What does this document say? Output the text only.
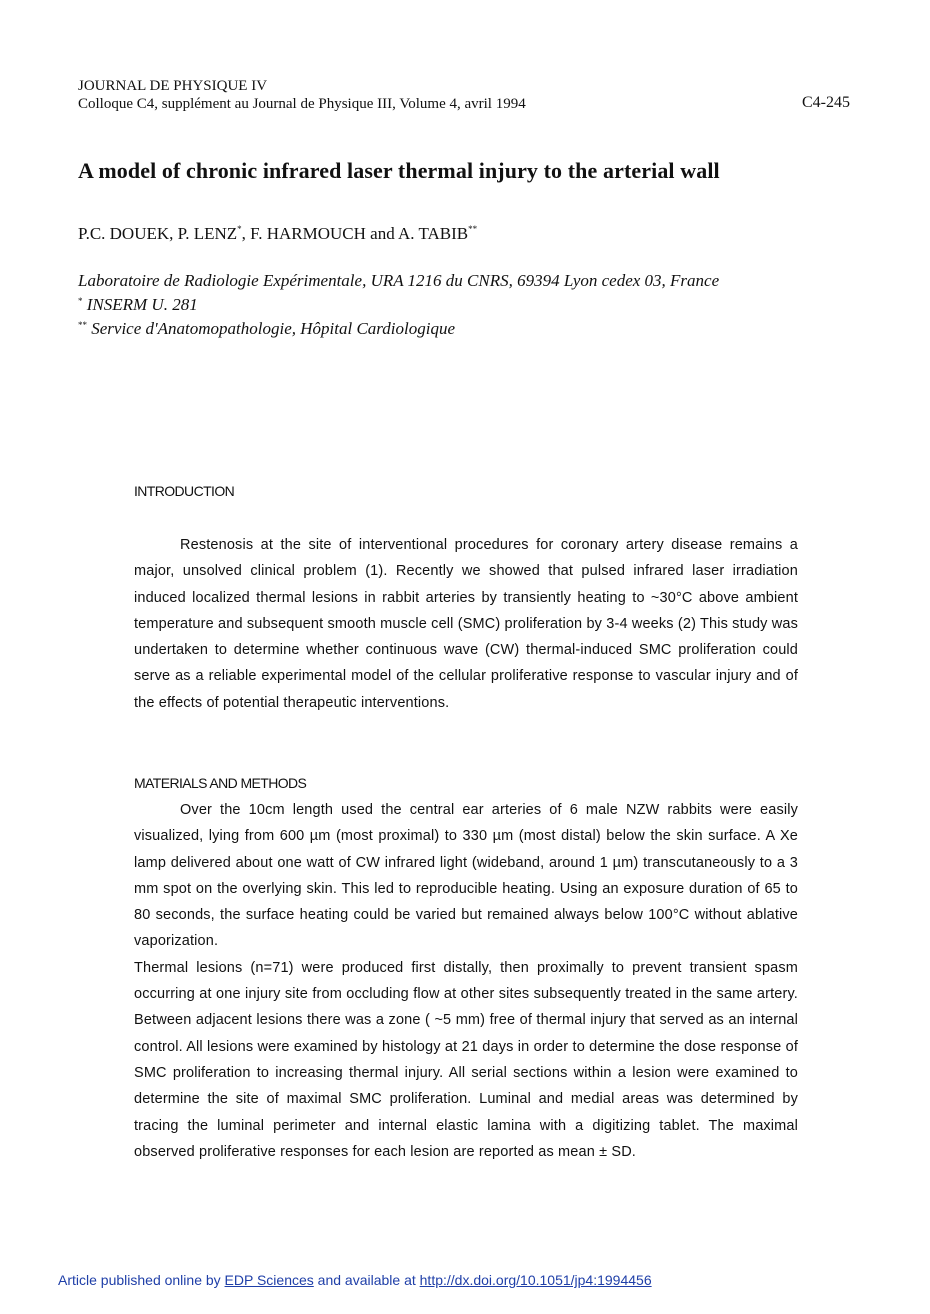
JOURNAL DE PHYSIQUE IV
Colloque C4, supplément au Journal de Physique III, Volume 4, avril 1994	C4-245
A model of chronic infrared laser thermal injury to the arterial wall
P.C. DOUEK, P. LENZ*, F. HARMOUCH and A. TABIB**
Laboratoire de Radiologie Expérimentale, URA 1216 du CNRS, 69394 Lyon cedex 03, France
* INSERM U. 281
** Service d'Anatomopathologie, Hôpital Cardiologique
INTRODUCTION

Restenosis at the site of interventional procedures for coronary artery disease remains a major, unsolved clinical problem (1). Recently we showed that pulsed infrared laser irradiation induced localized thermal lesions in rabbit arteries by transiently heating to ~30°C above ambient temperature and subsequent smooth muscle cell (SMC) proliferation by 3-4 weeks (2) This study was undertaken to determine whether continuous wave (CW) thermal-induced SMC proliferation could serve as a reliable experimental model of the cellular proliferative response to vascular injury and of the effects of potential therapeutic interventions.

MATERIALS AND METHODS

Over the 10cm length used the central ear arteries of 6 male NZW rabbits were easily visualized, lying from 600 µm (most proximal) to 330 µm (most distal) below the skin surface. A Xe lamp delivered about one watt of CW infrared light (wideband, around 1 µm) transcutaneously to a 3 mm spot on the overlying skin. This led to reproducible heating. Using an exposure duration of 65 to 80 seconds, the surface heating could be varied but remained always below 100°C without ablative vaporization.

Thermal lesions (n=71) were produced first distally, then proximally to prevent transient spasm occurring at one injury site from occluding flow at other sites subsequently treated in the same artery. Between adjacent lesions there was a zone ( ~5 mm) free of thermal injury that served as an internal control. All lesions were examined by histology at 21 days in order to determine the dose response of SMC proliferation to increasing thermal injury. All serial sections within a lesion were examined to determine the site of maximal SMC proliferation. Luminal and medial areas was determined by tracing the luminal perimeter and internal elastic lamina with a digitizing tablet. The maximal observed proliferative responses for each lesion are reported as mean ± SD.

Article published online by EDP Sciences and available at http://dx.doi.org/10.1051/jp4:1994456
